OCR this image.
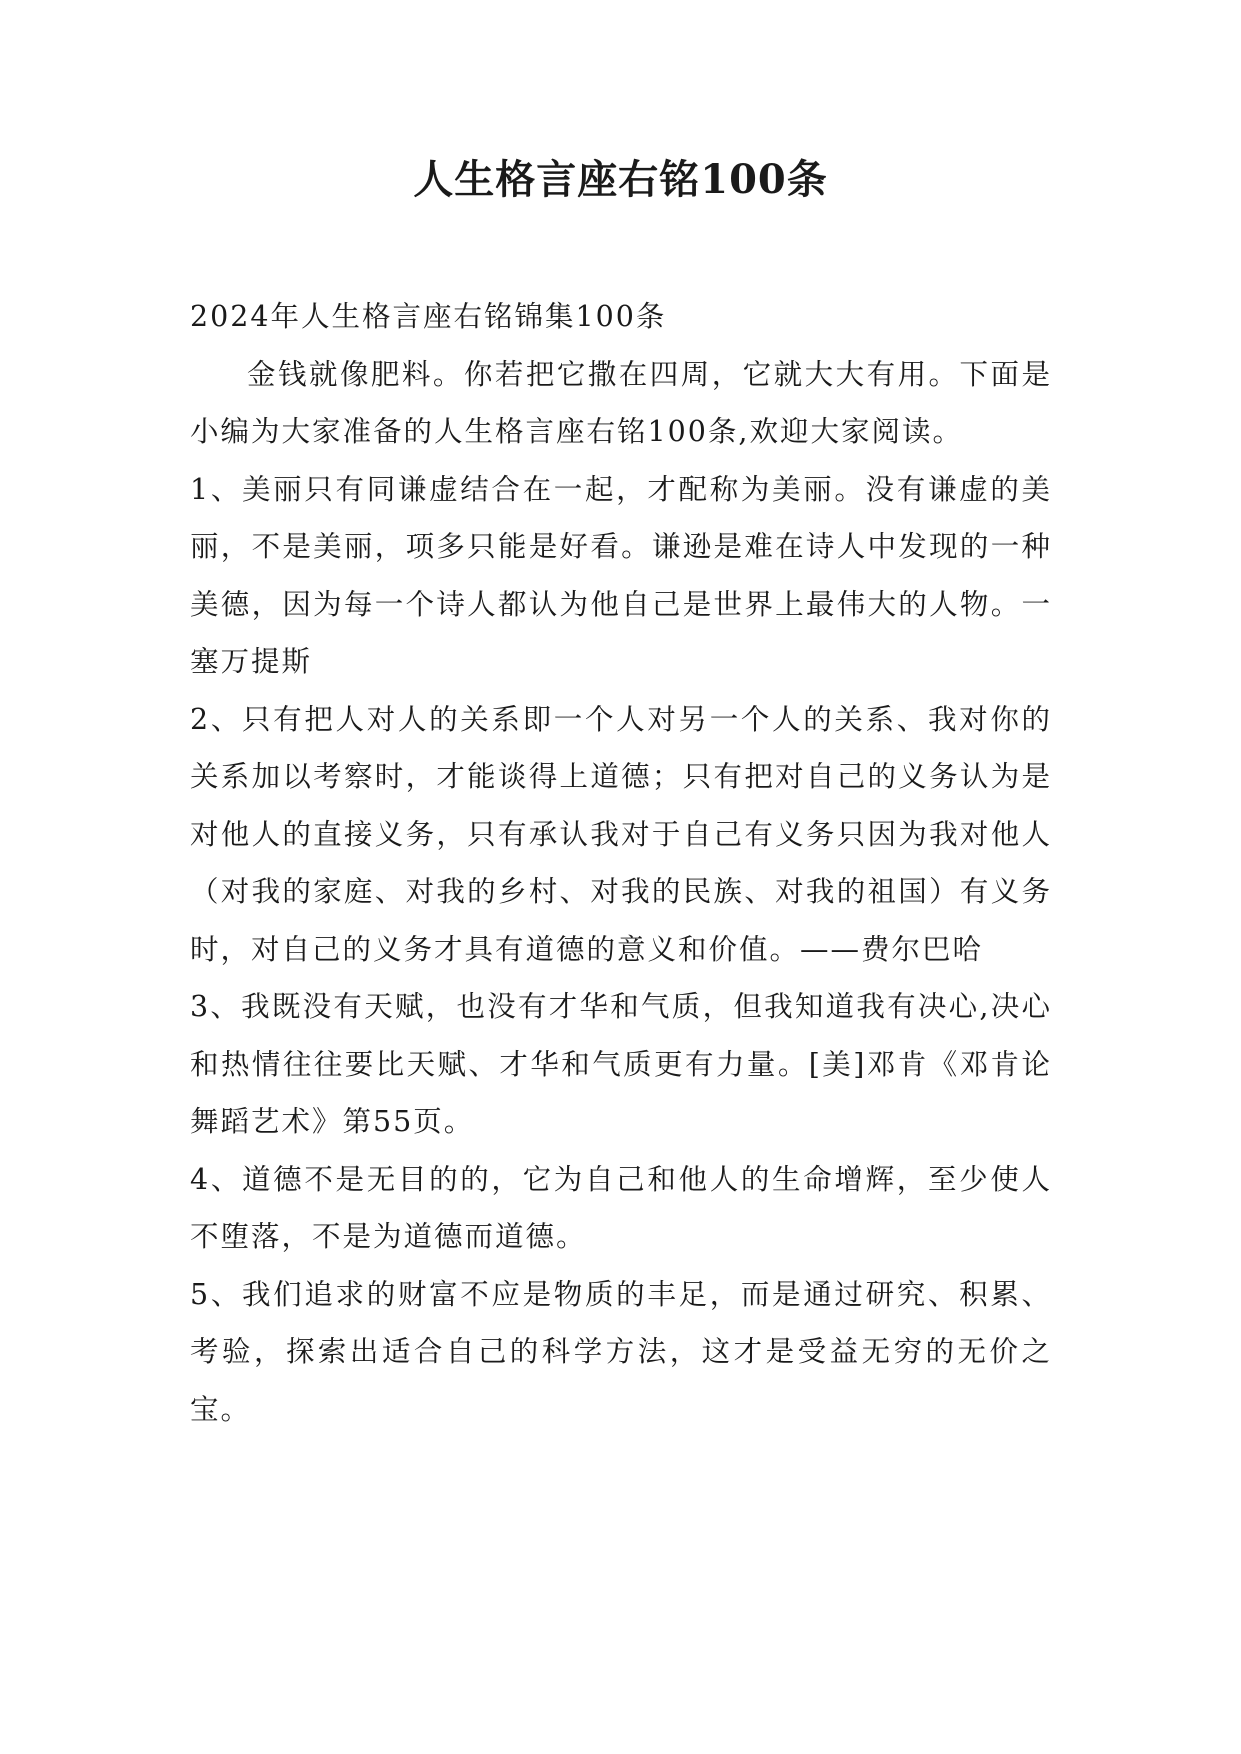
人生格言座右铭100条

2024年人生格言座右铭锦集100条

金钱就像肥料。你若把它撒在四周，它就大大有用。下面是小编为大家准备的人生格言座右铭100条,欢迎大家阅读。

1、美丽只有同谦虚结合在一起，才配称为美丽。没有谦虚的美丽，不是美丽，项多只能是好看。谦逊是难在诗人中发现的一种美德，因为每一个诗人都认为他自己是世界上最伟大的人物。一塞万提斯

2、只有把人对人的关系即一个人对另一个人的关系、我对你的关系加以考察时，才能谈得上道德；只有把对自己的义务认为是对他人的直接义务，只有承认我对于自己有义务只因为我对他人（对我的家庭、对我的乡村、对我的民族、对我的祖国）有义务时，对自己的义务才具有道德的意义和价值。——费尔巴哈

3、我既没有天赋，也没有才华和气质，但我知道我有决心,决心和热情往往要比天赋、才华和气质更有力量。[美]邓肯《邓肯论舞蹈艺术》第55页。

4、道德不是无目的的，它为自己和他人的生命增辉，至少使人不堕落，不是为道德而道德。

5、我们追求的财富不应是物质的丰足，而是通过研究、积累、考验，探索出适合自己的科学方法，这才是受益无穷的无价之宝。
